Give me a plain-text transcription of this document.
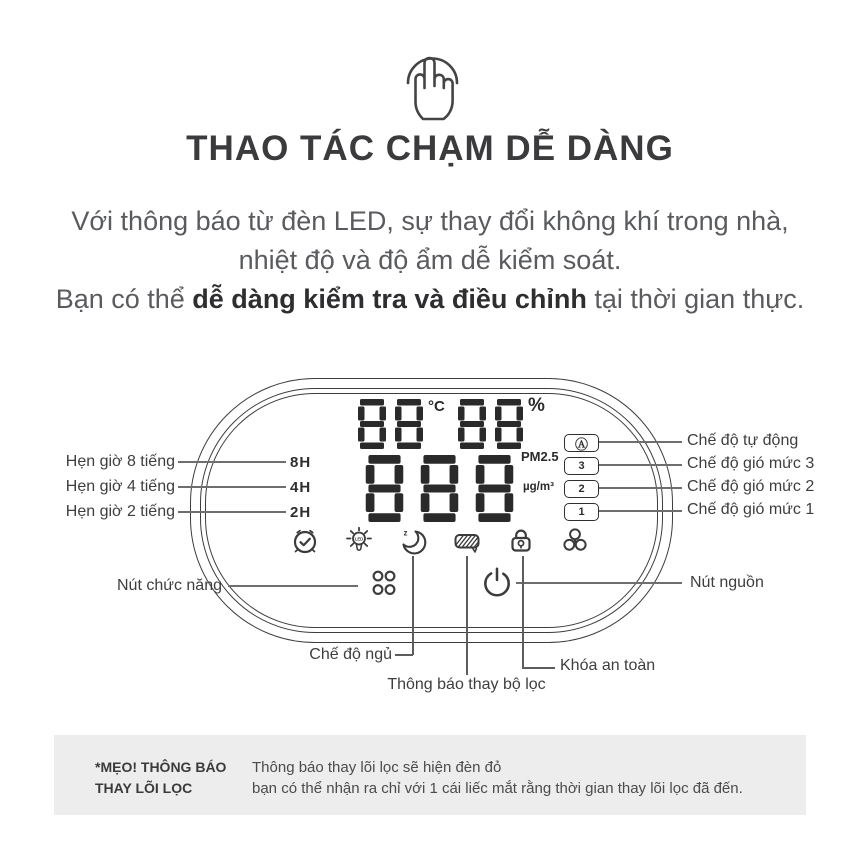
THAO TÁC CHẠM DỄ DÀNG
Với thông báo từ đèn LED, sự thay đổi không khí trong nhà,
nhiệt độ và độ ẩm dễ kiểm soát.
Bạn có thể dễ dàng kiểm tra và điều chỉnh tại thời gian thực.
°C	%
PM2.5
µg/m³
8H
4H
2H
Ⓐ
3
2
1
LED
z
Hẹn giờ 8 tiếng
Hẹn giờ 4 tiếng
Hẹn giờ 2 tiếng
Nút chức năng
Chế độ tự động
Chế độ gió mức 3
Chế độ gió mức 2
Chế độ gió mức 1
Nút nguồn
Chế độ ngủ
Khóa an toàn
Thông báo thay bộ lọc
*MẸO! THÔNG BÁO
THAY LÕI LỌC
Thông báo thay lõi lọc sẽ hiện đèn đỏ
bạn có thể nhận ra chỉ với 1 cái liếc mắt rằng thời gian thay lõi lọc đã đến.
